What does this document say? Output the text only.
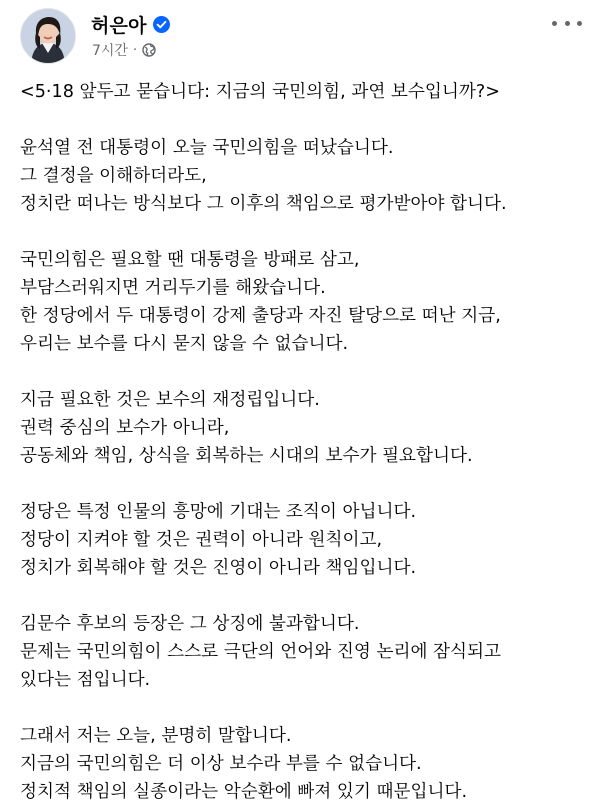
허은아
7시간 ·

<5·18 앞두고 묻습니다: 지금의 국민의힘, 과연 보수입니까?>

윤석열 전 대통령이 오늘 국민의힘을 떠났습니다.
그 결정을 이해하더라도,
정치란 떠나는 방식보다 그 이후의 책임으로 평가받아야 합니다.
국민의힘은 필요할 땐 대통령을 방패로 삼고,
부담스러워지면 거리두기를 해왔습니다.
한 정당에서 두 대통령이 강제 출당과 자진 탈당으로 떠난 지금,
우리는 보수를 다시 묻지 않을 수 없습니다.
지금 필요한 것은 보수의 재정립입니다.
권력 중심의 보수가 아니라,
공동체와 책임, 상식을 회복하는 시대의 보수가 필요합니다.
정당은 특정 인물의 흥망에 기대는 조직이 아닙니다.
정당이 지켜야 할 것은 권력이 아니라 원칙이고,
정치가 회복해야 할 것은 진영이 아니라 책임입니다.
김문수 후보의 등장은 그 상징에 불과합니다.
문제는 국민의힘이 스스로 극단의 언어와 진영 논리에 잠식되고
있다는 점입니다.
그래서 저는 오늘, 분명히 말합니다.
지금의 국민의힘은 더 이상 보수라 부를 수 없습니다.
정치적 책임의 실종이라는 악순환에 빠져 있기 때문입니다.
